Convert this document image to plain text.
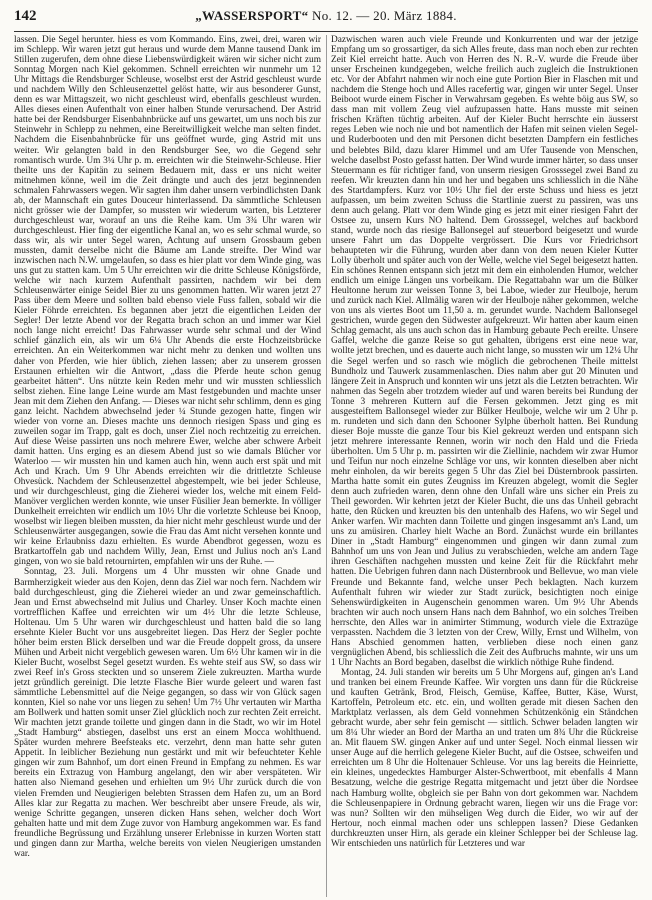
142	„WASSERSPORT“ No. 12. — 20. März 1884.

lassen. Die Segel herunter. hiess es vom Kommando. Eins, zwei, drei, waren wir im Schlepp. Wir waren jetzt gut heraus und wurde dem Manne tausend Dank im Stillen zugerufen, dem ohne diese Liebenswürdigkeit wären wir sicher nicht zum Sonntag Morgen nach Kiel gekommen. Schnell erreichten wir nunmehr um 12 Uhr Mittags die Rendsburger Schleuse, woselbst erst der Astrid geschleust wurde und nachdem Willy den Schleusenzettel gelöst hatte, wir aus besonderer Gunst, denn es war Mittagszeit, wo nicht geschleust wird, ebenfalls geschleust wurden. Alles dieses einen Aufenthalt von einer halben Stunde verursachend. Der Astrid hatte bei der Rendsburger Eisenbahnbrücke auf uns gewartet, um uns noch bis zur Steinwehr in Schlepp zu nehmen, eine Bereitwilligkeit welche man selten findet. Nachdem die Eisenbahnbrücke für uns geöffnet wurde, ging Astrid mit uns weiter. Wir gelangten bald in den Rendsburger See, wo die Gegend sehr romantisch wurde. Um 3¼ Uhr p. m. erreichten wir die Steinwehr-Schleuse. Hier theilte uns der Kapitän zu seinem Bedauern mit, dass er uns nicht weiter mitnehmen könne, weil im die Zeit drängte und auch des jetzt beginnenden schmalen Fahrwassers wegen. Wir sagten ihm daher unsern verbindlichsten Dank ab, der Mannschaft ein gutes Douceur hinterlassend. Da sämmtliche Schleusen nicht grösser wie der Dampfer, so mussten wir wiederum warten, bis Letzterer durchgeschleust war, worauf an uns die Reihe kam. Um 3¾ Uhr waren wir durchgeschleust. Hier fing der eigentliche Kanal an, wo es sehr schmal wurde, so dass wir, als wir unter Segel waren, Achtung auf unsern Grossbaum geben mussten, damit derselbe nicht die Bäume am Lande streifte. Der Wind war inzwischen nach N.W. umgelaufen, so dass es hier platt vor dem Winde ging, was uns gut zu statten kam. Um 5 Uhr erreichten wir die dritte Schleuse Königsförde, welche wir nach kurzem Aufenthalt passirten, nachdem wir bei dem Schleusenwärter einige Seidel Bier zu uns genommen hatten. Wir waren jetzt 27 Pass über dem Meere und sollten bald ebenso viele Fuss fallen, sobald wir die Kieler Föhrde erreichten. Es begannen aber jetzt die eigentlichen Leiden der Segler! Der letzte Abend vor der Regatta brach schon an und immer war Kiel noch lange nicht erreicht! Das Fahrwasser wurde sehr schmal und der Wind schlief gänzlich ein, als wir um 6¼ Uhr Abends die erste Hochzeitsbrücke erreichten. An ein Weiterkommen war nicht mehr zu denken und wollten uns daher von Pferden, wie hier üblich, ziehen lassen; aber zu unserem grossen Erstaunen erhielten wir die Antwort, „dass die Pferde heute schon genug gearbeitet hätten“. Uns nützte kein Reden mehr und wir mussten schliesslich selbst ziehen. Eine lange Leine wurde am Mast festgebunden und machte unser Jean mit dem Ziehen den Anfang. — Dieses war nicht sehr schlimm, denn es ging ganz leicht. Nachdem abwechselnd jeder ¼ Stunde gezogen hatte, fingen wir wieder von vorne an. Dieses machte uns dennoch riesigen Spass und ging es zuweilen sogar im Trapp, galt es doch, unser Ziel noch rechtzeitig zu erreichen. Auf diese Weise passirten uns noch mehrere Ewer, welche aber schwere Arbeit damit hatten. Uns erging es an diesem Abend just so wie damals Blücher vor Waterloo — wir mussten hin und kamen auch hin, wenn auch erst spät und mit Ach und Krach. Um 9 Uhr Abends erreichten wir die drittletzte Schleuse Ohvesück. Nachdem der Schleusenzettel abgestempelt, wie bei jeder Schleuse, und wir durchgeschleust, ging die Zieherei wieder los, welche mit einem Feld-Manöver verglichen werden konnte, wie unser Füsilier Jean bemerkte. In völliger Dunkelheit erreichten wir endlich um 10½ Uhr die vorletzte Schleuse bei Knoop, woselbst wir liegen bleiben mussten, da hier nicht mehr geschleust wurde und der Schleusenwärter ausgegangen, sowie die Frau das Amt nicht versehen konnte und wir keine Erlaubniss dazu erhielten. Es wurde Abendbrot gegessen, wozu es Bratkartoffeln gab und nachdem Willy, Jean, Ernst und Julius noch an's Land gingen, von wo sie bald retournirten, empfahlen wir uns der Ruhe. —

Sonntag, 23. Juli. Morgens um 4 Uhr mussten wir ohne Gnade und Barmherzigkeit wieder aus den Kojen, denn das Ziel war noch fern. Nachdem wir bald durchgeschleust, ging die Zieherei wieder an und zwar gemeinschaftlich. Jean und Ernst abwechselnd mit Julius und Charley. Unser Koch machte einen vortrefflichen Kaffee und erreichten wir um 4½ Uhr die letzte Schleuse, Holtenau. Um 5 Uhr waren wir durchgeschleust und hatten bald die so lang ersehnte Kieler Bucht vor uns ausgebreitet liegen. Das Herz der Segler pochte höher beim ersten Blick derselben und war die Freude doppelt gross, da unsere Mühen und Arbeit nicht vergeblich gewesen waren. Um 6½ Uhr kamen wir in die Kieler Bucht, woselbst Segel gesetzt wurden. Es wehte steif aus SW, so dass wir zwei Reef in's Gross steckten und so unserem Ziele zukreuzten. Martha wurde jetzt gründlich gereinigt. Die letzte Flasche Bier wurde geleert und waren fast sämmtliche Lebensmittel auf die Neige gegangen, so dass wir von Glück sagen konnten, Kiel so nahe vor uns liegen zu sehen! Um 7½ Uhr vertauten wir Martha am Bollwerk und hatten somit unser Ziel glücklich noch zur rechten Zeit erreicht. Wir machten jetzt grande toilette und gingen dann in die Stadt, wo wir im Hotel „Stadt Hamburg“ abstiegen, daselbst uns erst an einem Mocca wohlthuend. Später wurden mehrere Beefsteaks etc. verzehrt, denn man hatte sehr guten Appetit. In leiblicher Beziehung nun gestärkt und mit wir befeuchteter Kehle gingen wir zum Bahnhof, um dort einen Freund in Empfang zu nehmen. Es war bereits ein Extrazug von Hamburg angelangt, den wir aber verspäteten. Wir hatten also Niemand gesehen und erhielten um 9½ Uhr zurück durch die von vielen Fremden und Neugierigen belebten Strassen dem Hafen zu, um an Bord Alles klar zur Regatta zu machen. Wer beschreibt aber unsere Freude, als wir, wenige Schritte gegangen, unseren dicken Hans sehen, welcher doch Wort gehalten hatte und mit dem Zuge zuvor von Hamburg angekommen war. Es fand freundliche Begrüssung und Erzählung unserer Erlebnisse in kurzen Worten statt und gingen dann zur Martha, welche bereits von vielen Neugierigen umstanden war.

Dazwischen waren auch viele Freunde und Konkurrenten und war der jetzige Empfang um so grossartiger, da sich Alles freute, dass man noch eben zur rechten Zeit Kiel erreicht hatte. Auch von Herren des N. R.-V. wurde die Freude über unser Erscheinen kundgegeben, welche freilich auch zugleich die Instruktionen etc. Vor der Abfahrt nahmen wir noch eine gute Portion Bier in Flaschen mit und nachdem die Stenge hoch und Alles racefertig war, gingen wir unter Segel. Unser Beiboot wurde einem Fischer in Verwahrsam gegeben. Es wehte böig aus SW, so dass man mit vollem Zeug viel aufzupassen hatte. Hans musste mit seinen frischen Kräften tüchtig arbeiten. Auf der Kieler Bucht herrschte ein äusserst reges Leben wie noch nie und bot namentlich der Hafen mit seinen vielen Segel- und Ruderbooten und den mit Personen dicht besetzten Dampfern ein festliches und belebtes Bild, dazu klarer Himmel und am Ufer Tausende von Menschen, welche daselbst Posto gefasst hatten. Der Wind wurde immer härter, so dass unser Steuermann es für richtiger fand, von unserm riesigen Grosssegel zwei Band zu reefen. Wir kreuzten dann hin und her und begaben uns schliesslich in die Nähe des Startdampfers. Kurz vor 10½ Uhr fiel der erste Schuss und hiess es jetzt aufpassen, um beim zweiten Schuss die Startlinie zuerst zu passiren, was uns denn auch gelang. Platt vor dem Winde ging es jetzt mit einer riesigen Fahrt der Ostsee zu, unsern Kurs NO haltend. Dem Grosssegel, welches auf backbord stand, wurde noch das riesige Ballonsegel auf steuerbord beigesetzt und wurde unsere Fahrt um das Doppelte vergrössert. Die Kurs vor Friedrichsort behaupteten wir die Führung, wurden aber dann von dem neuen Kieler Kutter Lolly überholt und später auch von der Welle, welche viel Segel beigesetzt hatten. Ein schönes Rennen entspann sich jetzt mit dem ein einholenden Humor, welcher endlich um einige Längen uns vorbeikam. Die Regattabahn war um die Bülker Heultonne herum zur weissen Tonne 3, bei Laboe, wieder zur Heulboje, herum und zurück nach Kiel. Allmälig waren wir der Heulboje näher gekommen, welche von uns als viertes Boot um 11,50 a. m. gerundet wurde. Nachdem Ballonsegel gestrichen, wurde gegen den Südwester aufgekreuzt. Wir hatten aber kaum einen Schlag gemacht, als uns auch schon das in Hamburg gebaute Pech ereilte. Unsere Gaffel, welche die ganze Reise so gut gehalten, übrigens erst eine neue war, wollte jetzt brechen, und es dauerte auch nicht lange, so mussten wir um 12¼ Uhr die Segel werfen und so rasch wie möglich die gebrochenen Theile mittelst Bundholz und Tauwerk zusammenlaschen. Dies nahm aber gut 20 Minuten und längere Zeit in Anspruch und konnten wir uns jetzt als die Letzten betrachten. Wir nahmen das Segeln aber trotzdem wieder auf und waren bereits bei Rundung der Tonne 3 mehreren Kuttern auf die Fersen gekommen. Jetzt ging es mit ausgesteiftem Ballonsegel wieder zur Bülker Heulboje, welche wir um 2 Uhr p. m. rundeten und sich dann den Schooner Sylphe überholt hatten. Bei Rundung dieser Boje musste die ganze Tour bis Kiel gekreuzt werden und entspann sich jetzt mehrere interessante Rennen, worin wir noch den Hald und die Frieda überholten. Um 5 Uhr p. m. passirten wir die Ziellinie, nachdem wir zwar Humor und Teifun nur noch einzelne Schläge vor uns, wir konnten dieselben aber nicht mehr einholen, da wir bereits gegen 5 Uhr das Ziel bei Düsternbrook passirten. Martha hatte somit ein gutes Zeugniss im Kreuzen abgelegt, womit die Segler denn auch zufrieden waren, denn ohne den Unfall wäre uns sicher ein Preis zu Theil geworden. Wir kehrten jetzt der Kieler Bucht, die uns das Unheil gebracht hatte, den Rücken und kreuzten bis den untenhalb des Hafens, wo wir Segel und Anker warfen. Wir machten dann Toilette und gingen insgesammt an's Land, um uns zu amüsiren. Charley hielt Wache an Bord. Zunächst wurde ein brillantes Diner in „Stadt Hamburg“ eingenommen und gingen wir dann zumal zum Bahnhof um uns von Jean und Julius zu verabschieden, welche am andern Tage ihren Geschäften nachgehen mussten und keine Zeit für die Rückfahrt mehr hatten. Die Uebrigen fuhren dann nach Düsternbrook und Bellevue, wo man viele Freunde und Bekannte fand, welche unser Pech beklagten. Nach kurzem Aufenthalt fuhren wir wieder zur Stadt zurück, besichtigten noch einige Sehenswürdigkeiten in Augenschein genommen waren. Um 9½ Uhr Abends brachten wir auch noch unsern Hans nach dem Bahnhof, wo ein solches Treiben herrschte, den Alles war in animirter Stimmung, wodurch viele die Extrazüge verpassten. Nachdem die 3 letzten von der Crew, Willy, Ernst und Wilhelm, von Hans Abschied genommen hatten, verblieben diese noch einen ganz vergnüglichen Abend, bis schliesslich die Zeit des Aufbruchs mahnte, wir uns um 1 Uhr Nachts an Bord begaben, daselbst die wirklich nöthige Ruhe findend.

Montag, 24. Juli standen wir bereits um 5 Uhr Morgens auf, gingen an's Land und tranken bei einem Freunde Kaffee. Wir vorgten uns dann für die Rückreise und kauften Getränk, Brod, Fleisch, Gemüse, Kaffee, Butter, Käse, Wurst, Kartoffeln, Petroleum etc. etc. ein, und wollten gerade mit diesen Sachen den Marktplatz verlassen, als dem Geld vonnehmen Schützenkönig ein Ständchen gebracht wurde, aber sehr fein gemischt — sittlich. Schwer beladen langten wir um 8¼ Uhr wieder an Bord der Martha an und traten um 8¾ Uhr die Rückreise an. Mit flauem SW. gingen Anker auf und unter Segel. Noch einmal liessen wir unser Auge auf die herrlich gelegene Kieler Bucht, auf die Ostsee, schweifen und erreichten um 8 Uhr die Holtenauer Schleuse. Vor uns lag bereits die Heinriette, ein kleines, ungedecktes Hamburger Alster-Schwertboot, mit ebenfalls 4 Mann Besatzung, welche die gestrige Regatta mitgemacht und jetzt über die Nordsee nach Hamburg wollte, obgleich sie per Bahn von dort gekommen war. Nachdem die Schleusenpapiere in Ordnung gebracht waren, liegen wir uns die Frage vor: was nun? Sollten wir den mühseligen Weg durch die Eider, wo wir auf der Hertour, noch einmal machen oder uns schleppen lassen? Diese Gedanken durchkreuzten unser Hirn, als gerade ein kleiner Schlepper bei der Schleuse lag. Wir entschieden uns natürlich für Letzteres und war
